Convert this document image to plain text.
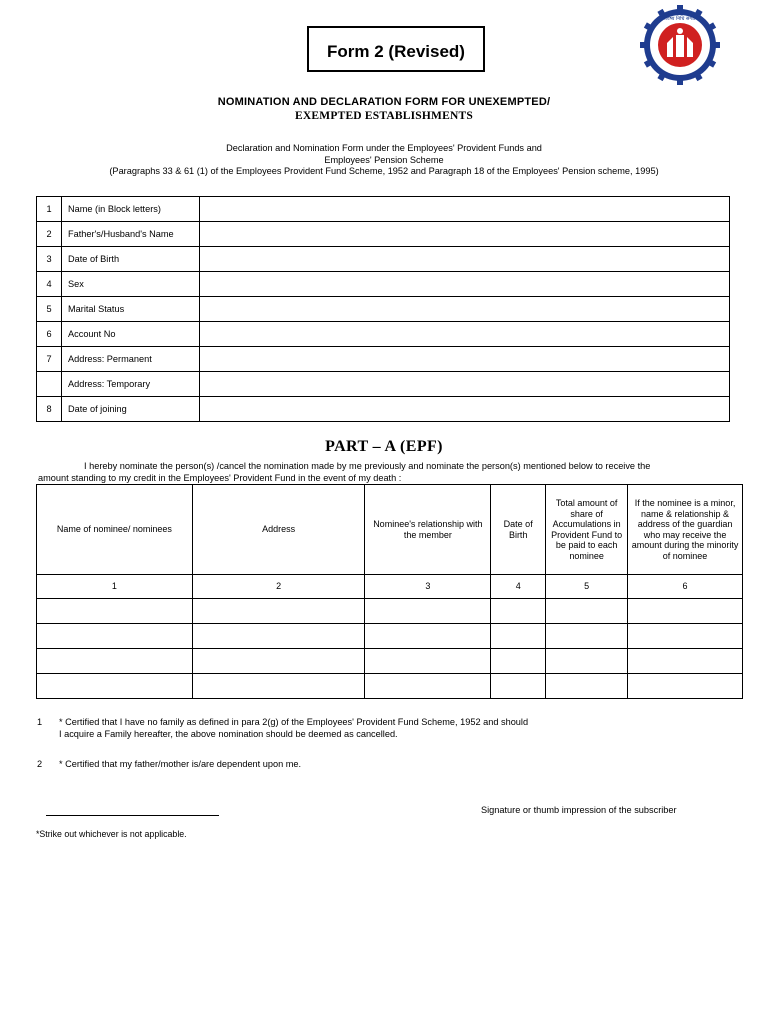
Form 2 (Revised)
भविष्य निधि संगठन
NOMINATION AND DECLARATION FORM FOR UNEXEMPTED/
EXEMPTED ESTABLISHMENTS
Declaration and Nomination Form under the Employees' Provident Funds and
Employees' Pension Scheme
(Paragraphs 33 & 61 (1) of the Employees Provident Fund Scheme, 1952 and Paragraph 18 of the Employees' Pension scheme, 1995)
1	Name (in Block letters)	
2	Father's/Husband's Name	
3	Date of Birth	
4	Sex	
5	Marital Status	
6	Account No	
7	Address: Permanent	
	Address: Temporary	
8	Date of joining	
PART – A (EPF)
I hereby nominate the person(s) /cancel the nomination made by me previously and nominate the person(s) mentioned below to receive the
amount standing to my credit in the Employees' Provident Fund in the event of my death :
Name of nominee/ nominees	Address	Nominee's relationship with the member	Date of Birth	Total amount of share of Accumulations in Provident Fund to be paid to each nominee	If the nominee is a minor, name & relationship & address of the guardian who may receive the amount during the minority of nominee
1	2	3	4	5	6

1 * Certified that I have no family as defined in para 2(g) of the Employees' Provident Fund Scheme, 1952 and should
I acquire a Family hereafter, the above nomination should be deemed as cancelled.
2 * Certified that my father/mother is/are dependent upon me.
Signature or thumb impression of the subscriber
*Strike out whichever is not applicable.
